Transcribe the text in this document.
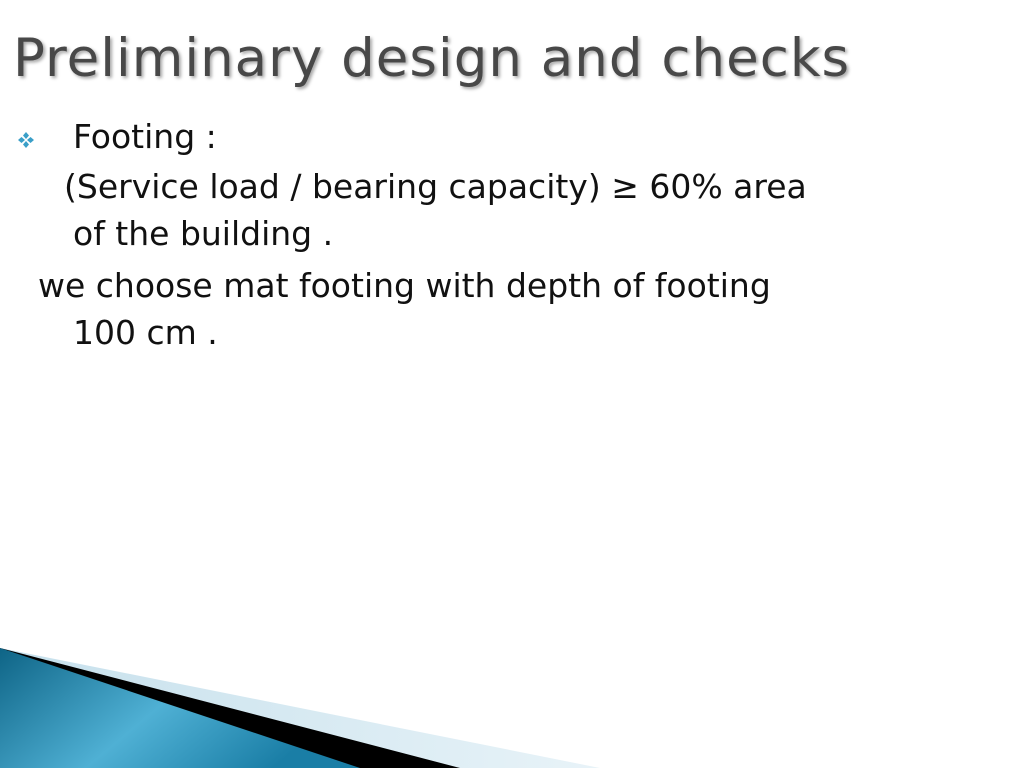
Preliminary design and checks
Footing :
(Service load / bearing capacity) ≥ 60% area
of the building .
we choose mat footing with depth of footing
100 cm .
